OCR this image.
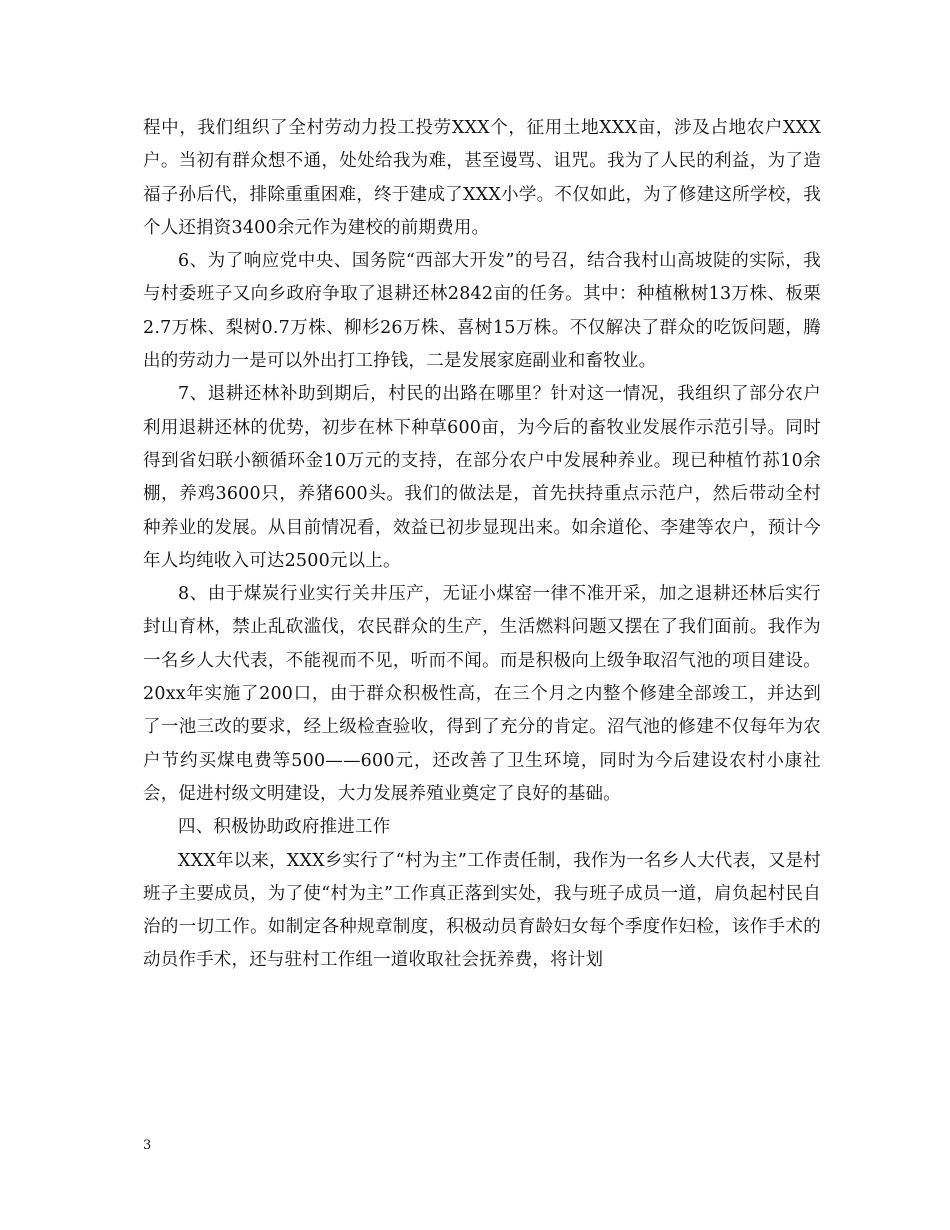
程中，我们组织了全村劳动力投工投劳XXX个，征用土地XXX亩，涉及占地农户XXX户。当初有群众想不通，处处给我为难，甚至谩骂、诅咒。我为了人民的利益，为了造福子孙后代，排除重重困难，终于建成了XXX小学。不仅如此，为了修建这所学校，我个人还捐资3400余元作为建校的前期费用。

6、为了响应党中央、国务院“西部大开发”的号召，结合我村山高坡陡的实际，我与村委班子又向乡政府争取了退耕还林2842亩的任务。其中：种植楸树13万株、板栗2.7万株、梨树0.7万株、柳杉26万株、喜树15万株。不仅解决了群众的吃饭问题，腾出的劳动力一是可以外出打工挣钱，二是发展家庭副业和畜牧业。

7、退耕还林补助到期后，村民的出路在哪里？针对这一情况，我组织了部分农户利用退耕还林的优势，初步在林下种草600亩，为今后的畜牧业发展作示范引导。同时得到省妇联小额循环金10万元的支持，在部分农户中发展种养业。现已种植竹荪10余棚，养鸡3600只，养猪600头。我们的做法是，首先扶持重点示范户，然后带动全村种养业的发展。从目前情况看，效益已初步显现出来。如余道伦、李建等农户，预计今年人均纯收入可达2500元以上。

8、由于煤炭行业实行关井压产，无证小煤窑一律不准开采，加之退耕还林后实行封山育林，禁止乱砍滥伐，农民群众的生产，生活燃料问题又摆在了我们面前。我作为一名乡人大代表，不能视而不见，听而不闻。而是积极向上级争取沼气池的项目建设。20xx年实施了200口，由于群众积极性高，在三个月之内整个修建全部竣工，并达到了一池三改的要求，经上级检查验收，得到了充分的肯定。沼气池的修建不仅每年为农户节约买煤电费等500——600元，还改善了卫生环境，同时为今后建设农村小康社会，促进村级文明建设，大力发展养殖业奠定了良好的基础。

四、积极协助政府推进工作

XXX年以来，XXX乡实行了“村为主”工作责任制，我作为一名乡人大代表，又是村班子主要成员，为了使“村为主”工作真正落到实处，我与班子成员一道，肩负起村民自治的一切工作。如制定各种规章制度，积极动员育龄妇女每个季度作妇检，该作手术的动员作手术，还与驻村工作组一道收取社会抚养费，将计划

3
